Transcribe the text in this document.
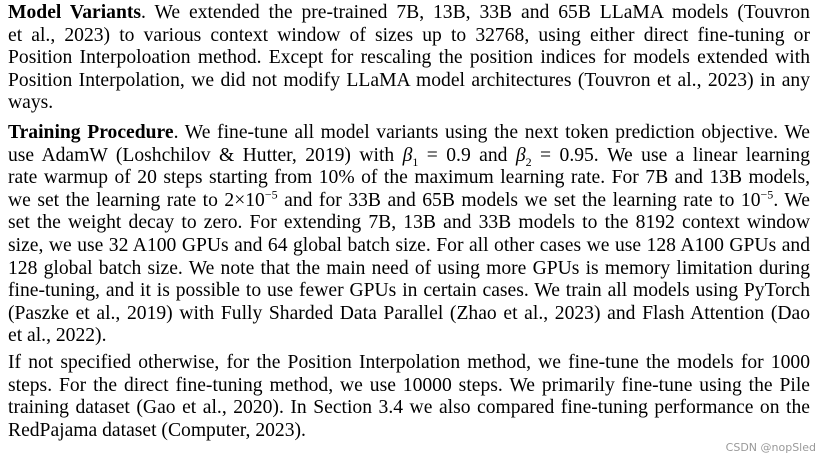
Model Variants. We extended the pre-trained 7B, 13B, 33B and 65B LLaMA models (Touvron
et al., 2023) to various context window of sizes up to 32768, using either direct fine-tuning or
Position Interpoloation method. Except for rescaling the position indices for models extended with
Position Interpolation, we did not modify LLaMA model architectures (Touvron et al., 2023) in any
ways.
Training Procedure. We fine-tune all model variants using the next token prediction objective. We
use AdamW (Loshchilov & Hutter, 2019) with $\beta_1 = 0.9$ and $\beta_2 = 0.95$. We use a linear learning
rate warmup of 20 steps starting from 10% of the maximum learning rate. For 7B and 13B models,
we set the learning rate to $2\times 10^{-5}$ and for 33B and 65B models we set the learning rate to $10^{-5}$. We
set the weight decay to zero. For extending 7B, 13B and 33B models to the 8192 context window
size, we use 32 A100 GPUs and 64 global batch size. For all other cases we use 128 A100 GPUs and
128 global batch size. We note that the main need of using more GPUs is memory limitation during
fine-tuning, and it is possible to use fewer GPUs in certain cases. We train all models using PyTorch
(Paszke et al., 2019) with Fully Sharded Data Parallel (Zhao et al., 2023) and Flash Attention (Dao
et al., 2022).
If not specified otherwise, for the Position Interpolation method, we fine-tune the models for 1000
steps. For the direct fine-tuning method, we use 10000 steps. We primarily fine-tune using the Pile
training dataset (Gao et al., 2020). In Section 3.4 we also compared fine-tuning performance on the
RedPajama dataset (Computer, 2023).
CSDN @nopSled
